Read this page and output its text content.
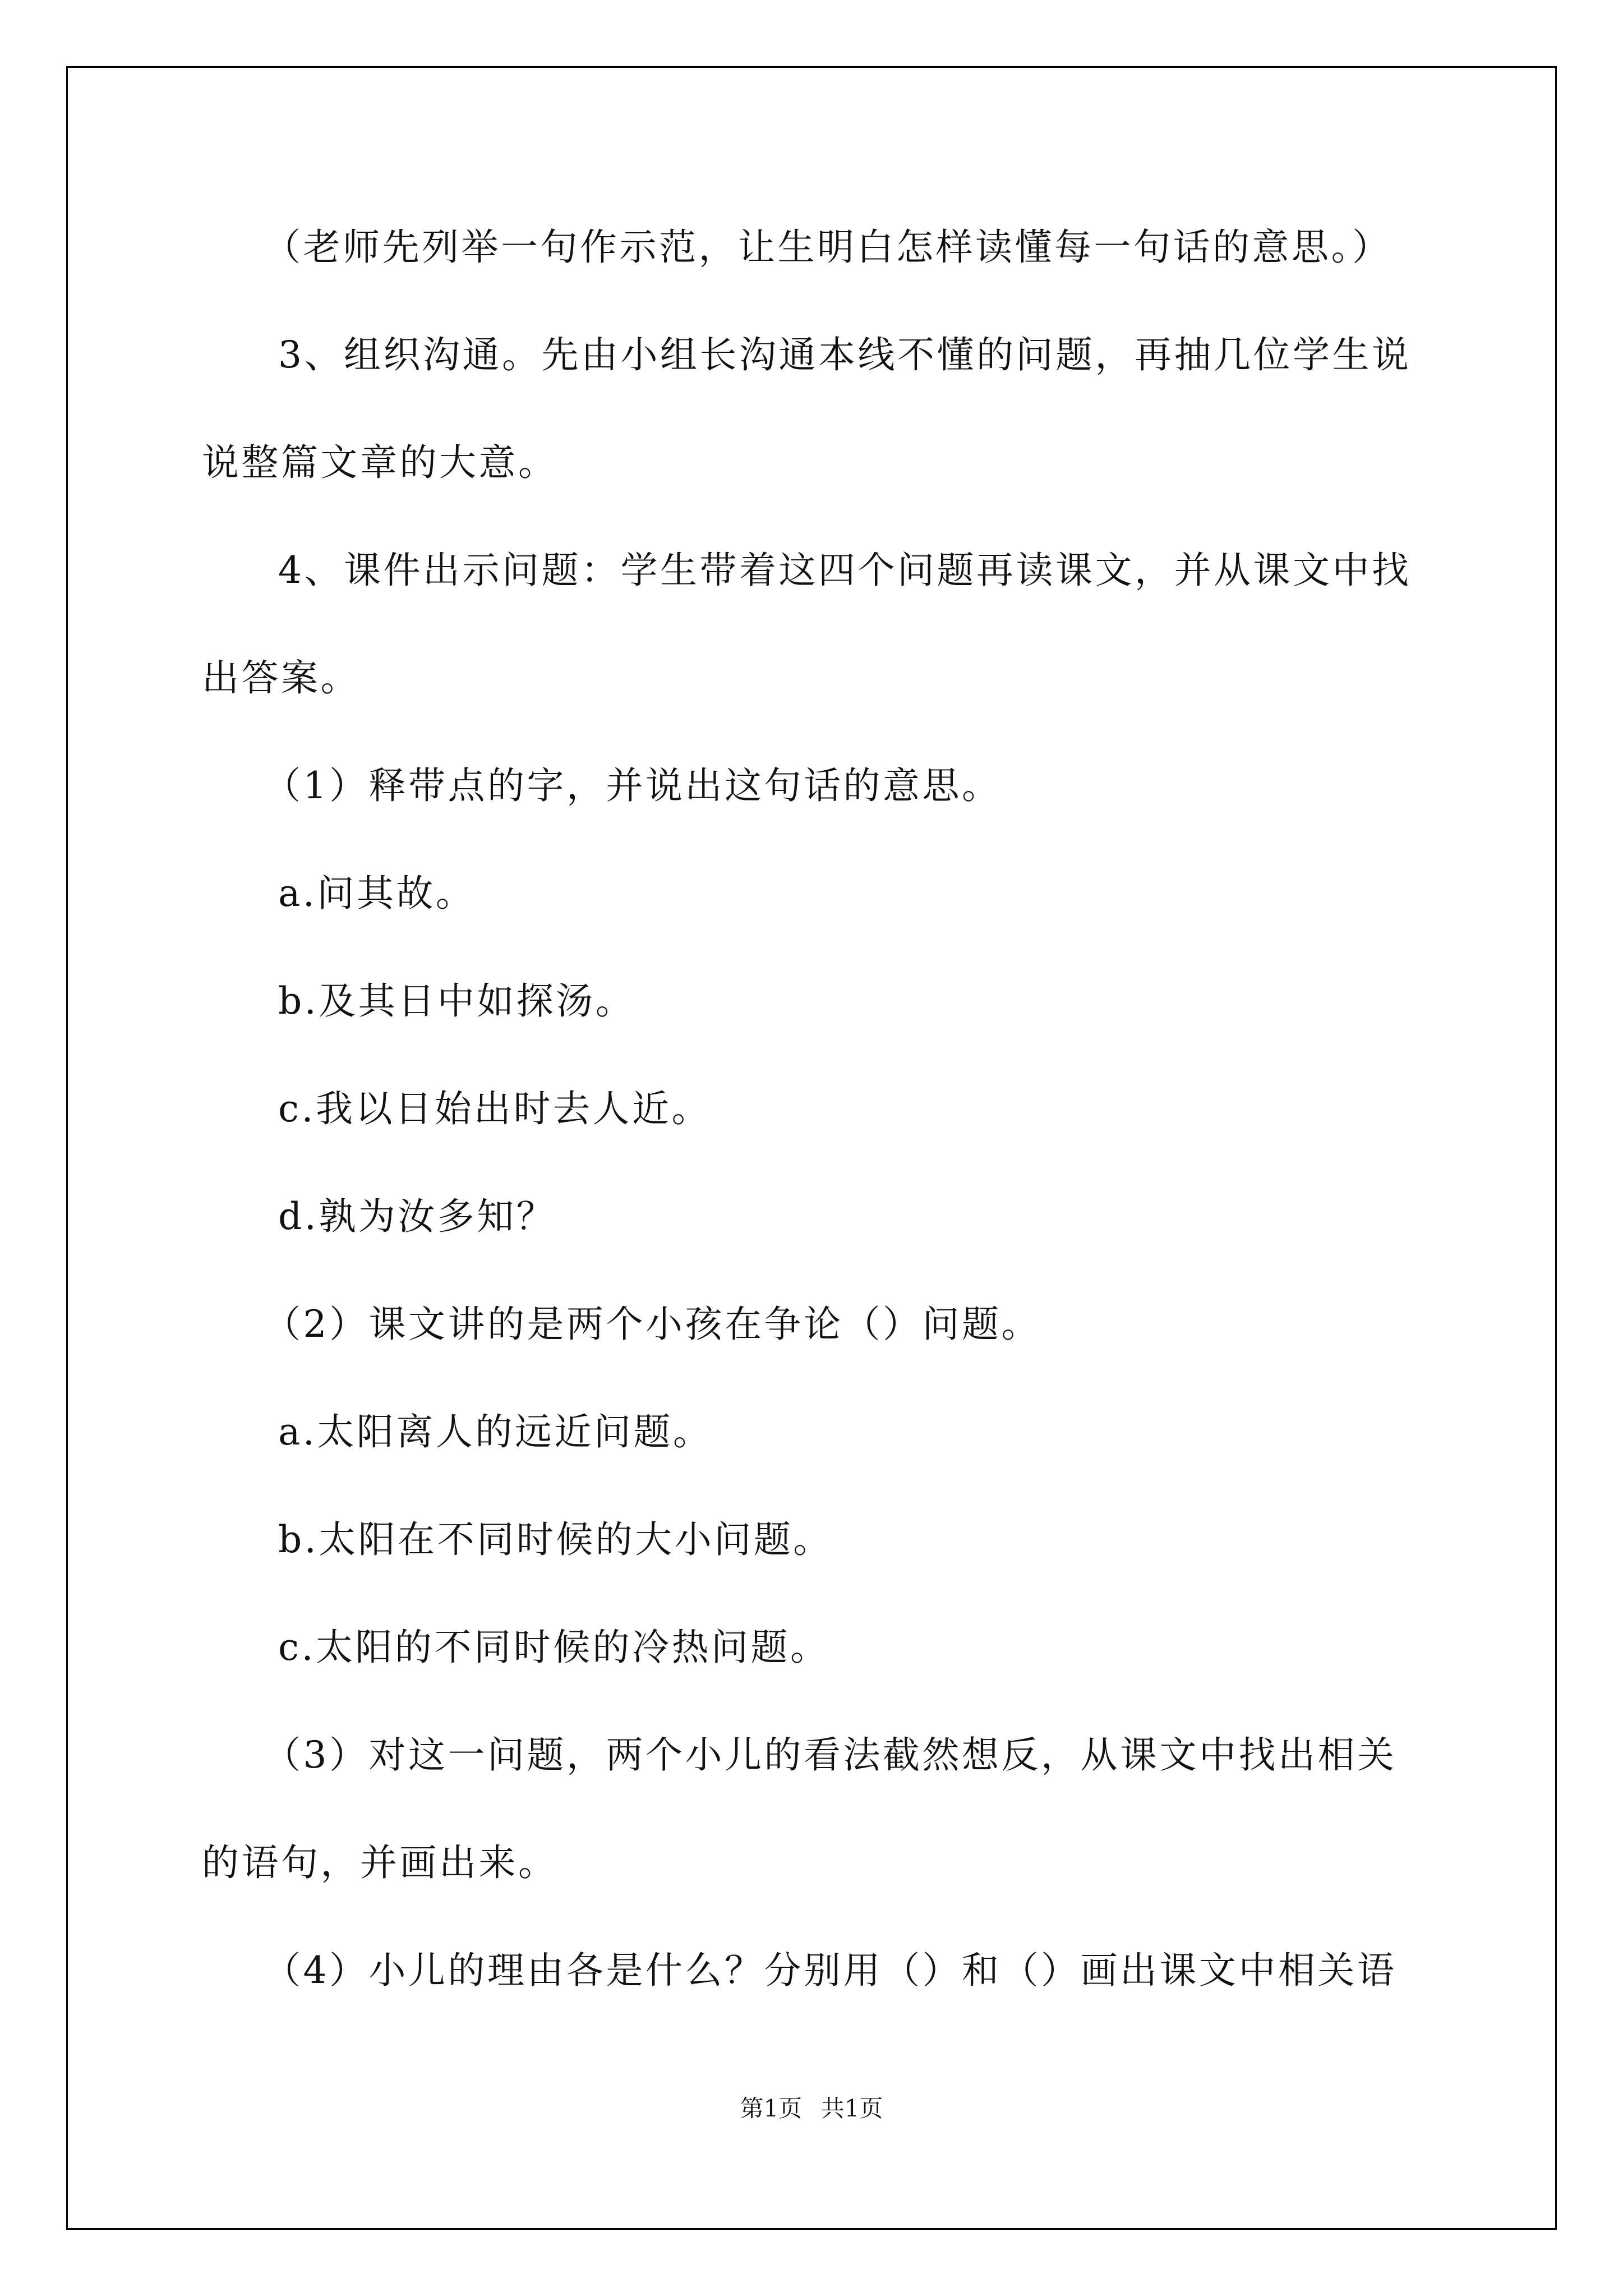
（老师先列举一句作示范，让生明白怎样读懂每一句话的意思。）
3、组织沟通。先由小组长沟通本线不懂的问题，再抽几位学生说
说整篇文章的大意。
4、课件出示问题：学生带着这四个问题再读课文，并从课文中找
出答案。
（1）释带点的字，并说出这句话的意思。
a.问其故。
b.及其日中如探汤。
c.我以日始出时去人近。
d.孰为汝多知？
（2）课文讲的是两个小孩在争论（）问题。
a.太阳离人的远近问题。
b.太阳在不同时候的大小问题。
c.太阳的不同时候的冷热问题。
（3）对这一问题，两个小儿的看法截然想反，从课文中找出相关
的语句，并画出来。
（4）小儿的理由各是什么？分别用（）和（）画出课文中相关语
第1页 共1页
